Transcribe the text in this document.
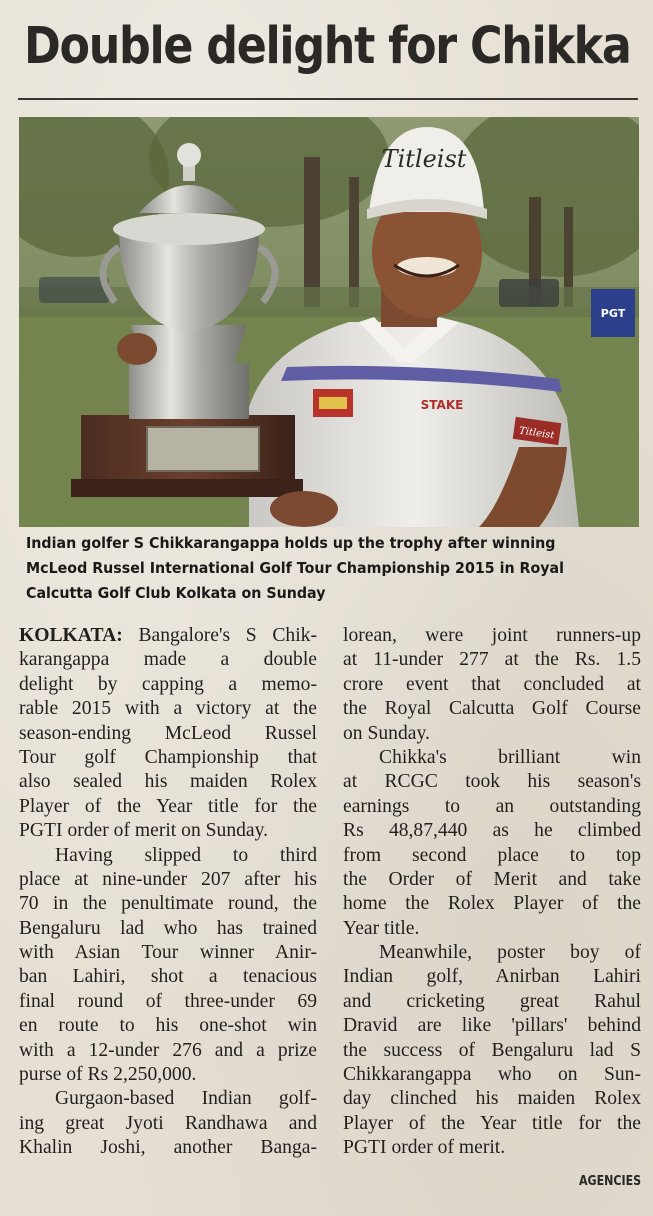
Double delight for Chikka
PGT
Titleist
STAKE
Titleist
Indian golfer S Chikkarangappa holds up the trophy after winning
McLeod Russel International Golf Tour Championship 2015 in Royal
Calcutta Golf Club Kolkata on Sunday
KOLKATA: Bangalore's S Chik-
karangappa made a double
delight by capping a memo-
rable 2015 with a victory at the
season-ending McLeod Russel
Tour golf Championship that
also sealed his maiden Rolex
Player of the Year title for the
PGTI order of merit on Sunday.
Having slipped to third
place at nine-under 207 after his
70 in the penultimate round, the
Bengaluru lad who has trained
with Asian Tour winner Anir-
ban Lahiri, shot a tenacious
final round of three-under 69
en route to his one-shot win
with a 12-under 276 and a prize
purse of Rs 2,250,000.
Gurgaon-based Indian golf-
ing great Jyoti Randhawa and
Khalin Joshi, another Banga-
lorean, were joint runners-up
at 11-under 277 at the Rs. 1.5
crore event that concluded at
the Royal Calcutta Golf Course
on Sunday.
Chikka's brilliant win
at RCGC took his season's
earnings to an outstanding
Rs 48,87,440 as he climbed
from second place to top
the Order of Merit and take
home the Rolex Player of the
Year title.
Meanwhile, poster boy of
Indian golf, Anirban Lahiri
and cricketing great Rahul
Dravid are like 'pillars' behind
the success of Bengaluru lad S
Chikkarangappa who on Sun-
day clinched his maiden Rolex
Player of the Year title for the
PGTI order of merit.
AGENCIES
